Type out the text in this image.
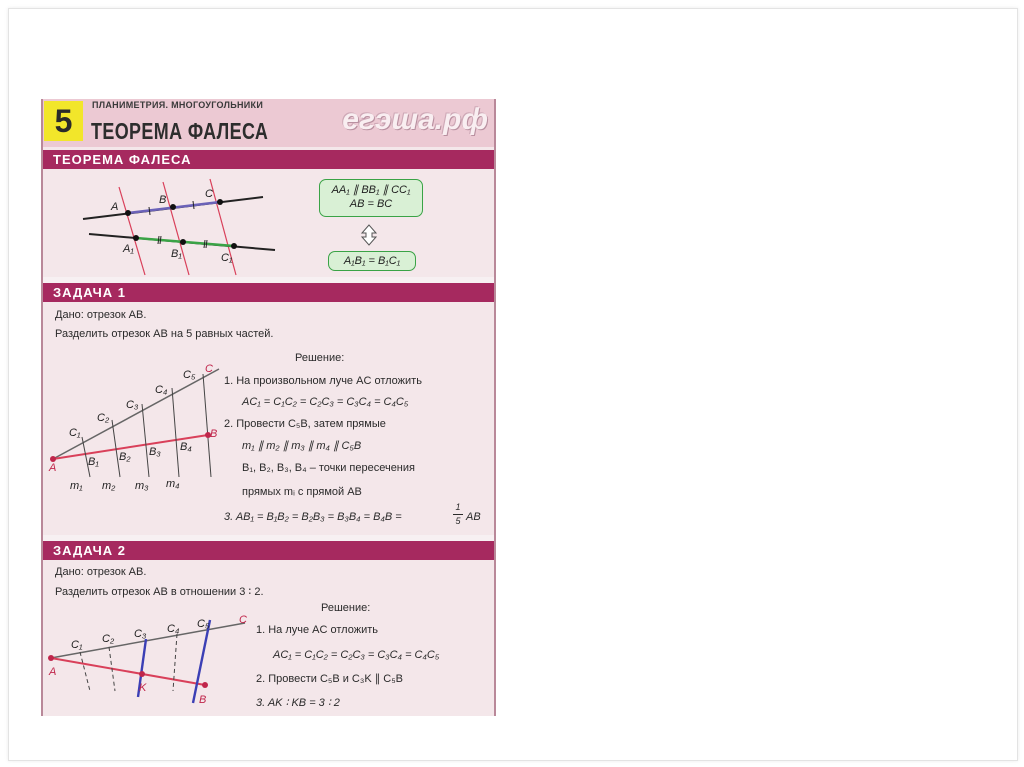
5	ПЛАНИМЕТРИЯ. МНОГОУГОЛЬНИКИ
ТЕОРЕМА ФАЛЕСА егэша.рф
ТЕОРЕМА ФАЛЕСА
A
B	C
A₁	B₁	C₁
AA₁ ∥ BB₁ ∥ CC₁
AB = BC
A₁B₁ = B₁C₁
ЗАДАЧА 1
Дано: отрезок AB.
Разделить отрезок AB на 5 равных частей.
Решение:
1. На произвольном луче AC отложить
AC₁ = C₁C₂ = C₂C₃ = C₃C₄ = C₄C₅
2. Провести C₅B, затем прямые
m₁ ∥ m₂ ∥ m₃ ∥ m₄ ∥ C₅B
B₁, B₂, B₃, B₄ – точки пересечения
прямых mᵢ с прямой AB
3. AB₁ = B₁B₂ = B₂B₃ = B₃B₄ = B₄B =
1
5 AB
A
B
C
C₁
C₂
C₃
C₄
C₅
B₁ B₂ B₃ B₄
m₁ m₂ m₃ m₄
ЗАДАЧА 2
Дано: отрезок AB.
Разделить отрезок AB в отношении 3 ∶ 2.
Решение:
1. На луче AC отложить
AC₁ = C₁C₂ = C₂C₃ = C₃C₄ = C₄C₅
2. Провести C₅B и C₃K ∥ C₅B
3. AK ∶ KB = 3 ∶ 2
A
B
K
C
C₁ C₂ C₃ C₄ C₅
